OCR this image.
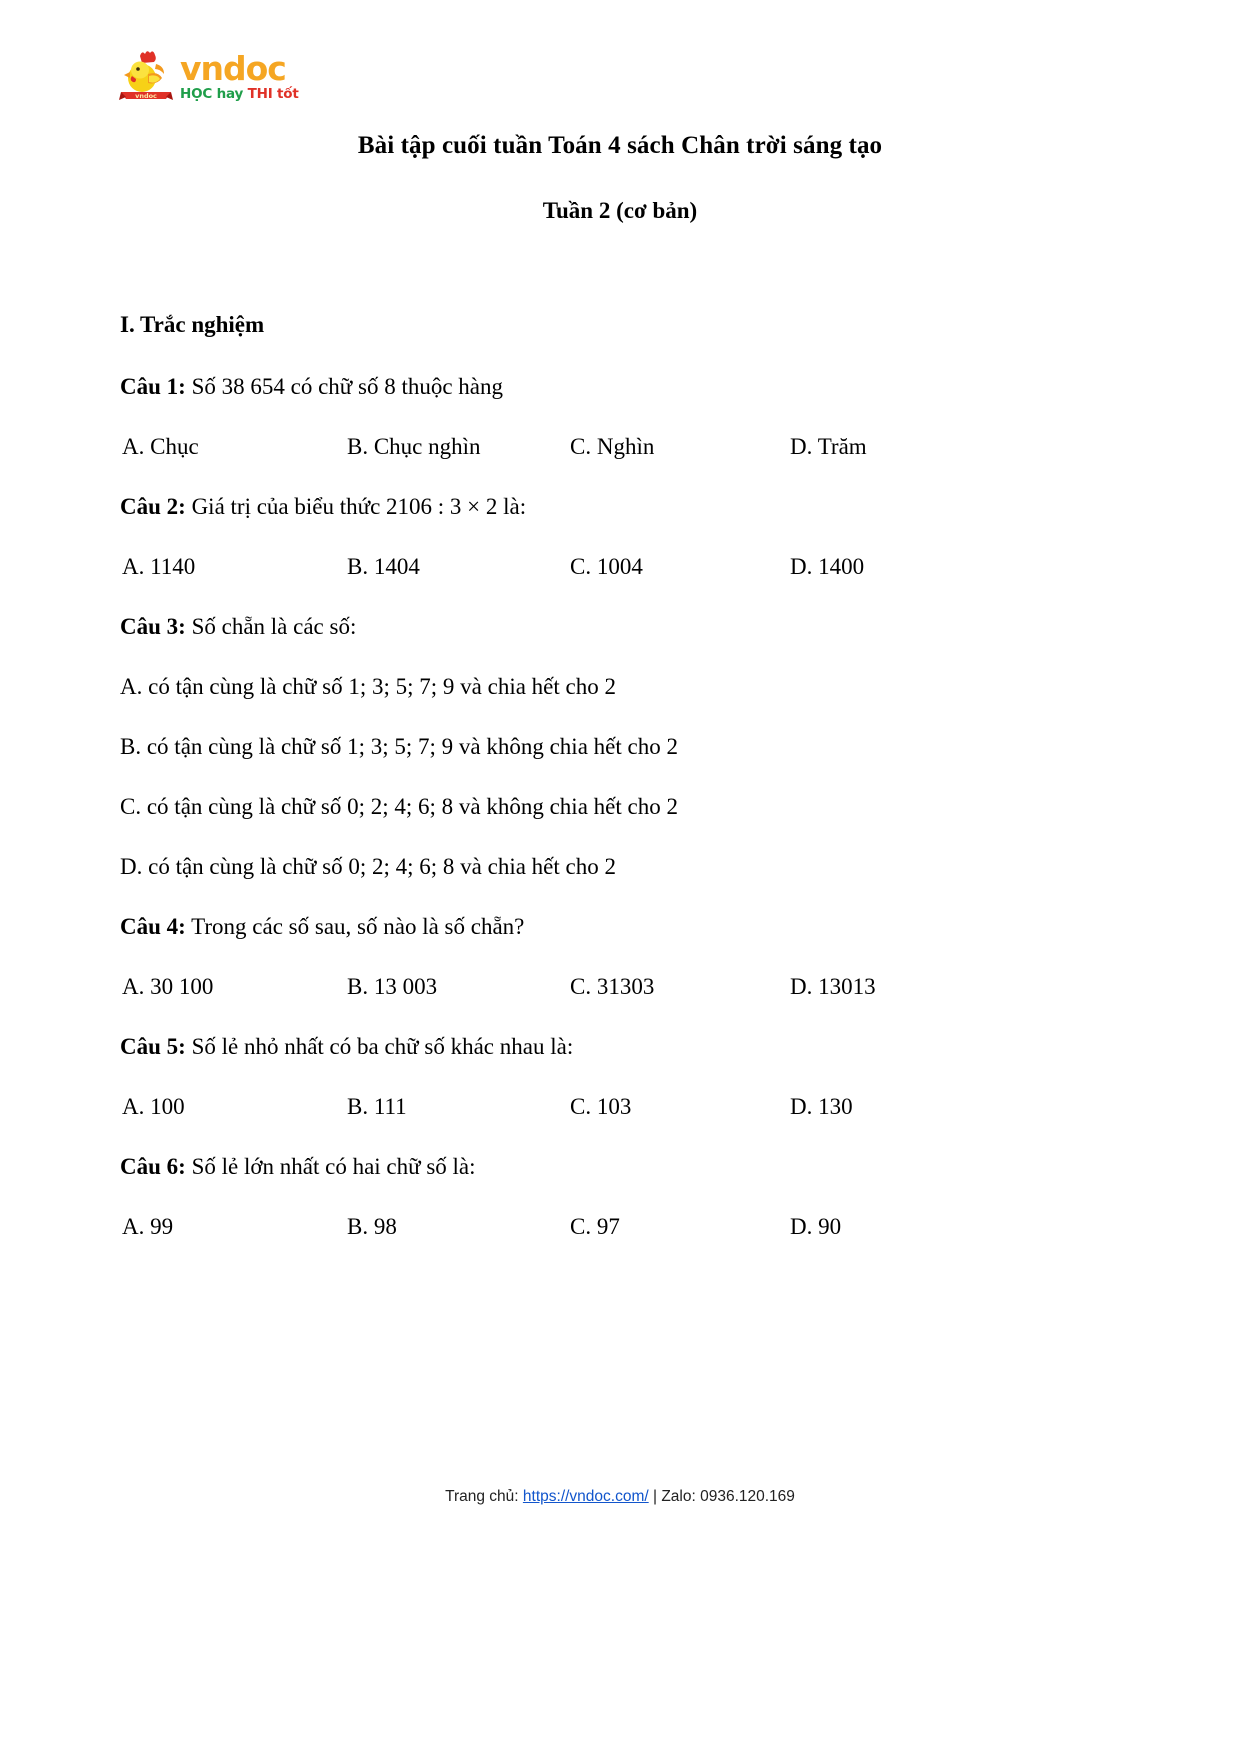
vndoc
vndoc
HỌC hay THI tốt
Bài tập cuối tuần Toán 4 sách Chân trời sáng tạo
Tuần 2 (cơ bản)
I. Trắc nghiệm
Câu 1: Số 38 654 có chữ số 8 thuộc hàng
A. Chục	B. Chục nghìn	C. Nghìn	D. Trăm
Câu 2: Giá trị của biểu thức 2106 : 3 × 2 là:
A. 1140	B. 1404	C. 1004	D. 1400
Câu 3: Số chẵn là các số:
A. có tận cùng là chữ số 1; 3; 5; 7; 9 và chia hết cho 2
B. có tận cùng là chữ số 1; 3; 5; 7; 9 và không chia hết cho 2
C. có tận cùng là chữ số 0; 2; 4; 6; 8 và không chia hết cho 2
D. có tận cùng là chữ số 0; 2; 4; 6; 8 và chia hết cho 2
Câu 4: Trong các số sau, số nào là số chẵn?
A. 30 100	B. 13 003	C. 31303	D. 13013
Câu 5: Số lẻ nhỏ nhất có ba chữ số khác nhau là:
A. 100	B. 111	C. 103	D. 130
Câu 6: Số lẻ lớn nhất có hai chữ số là:
A. 99	B. 98	C. 97	D. 90
Trang chủ: https://vndoc.com/ | Zalo: 0936.120.169
